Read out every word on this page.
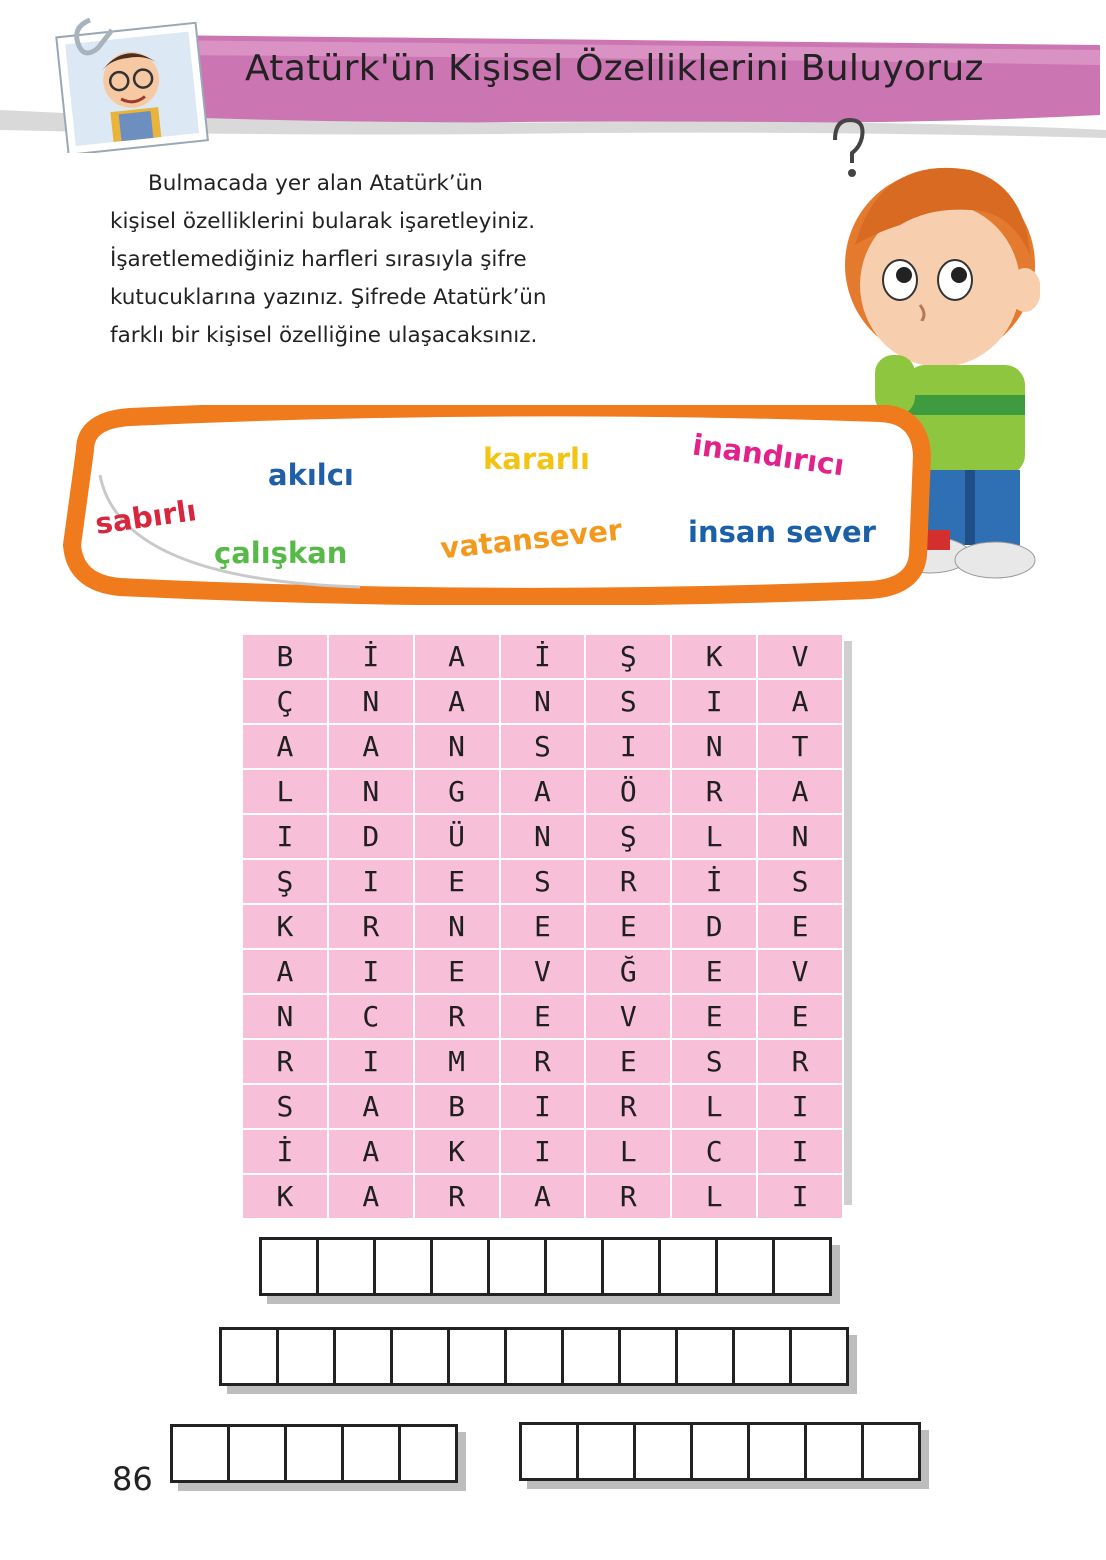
Atatürk'ün Kişisel Özelliklerini Buluyoruz

Bulmacada yer alan Atatürk’ün

kişisel özelliklerini bularak işaretleyiniz.

İşaretlemediğiniz harfleri sırasıyla şifre

kutucuklarına yazınız. Şifrede Atatürk’ün

farklı bir kişisel özelliğine ulaşacaksınız.

sabırlı
akılcı	kararlı	inandırıcı
çalışkan	vatansever insan sever
B	İ	A	İ	Ş	K	V
Ç	N	A	N	S	I	A
A	A	N	S	I	N	T
L	N	G	A	Ö	R	A
I	D	Ü	N	Ş	L	N
Ş	I	E	S	R	İ	S
K	R	N	E	E	D	E
A	I	E	V	Ğ	E	V
N	C	R	E	V	E	E
R	I	M	R	E	S	R
S	A	B	I	R	L	I
İ	A	K	I	L	C	I
K	A	R	A	R	L	I
86
